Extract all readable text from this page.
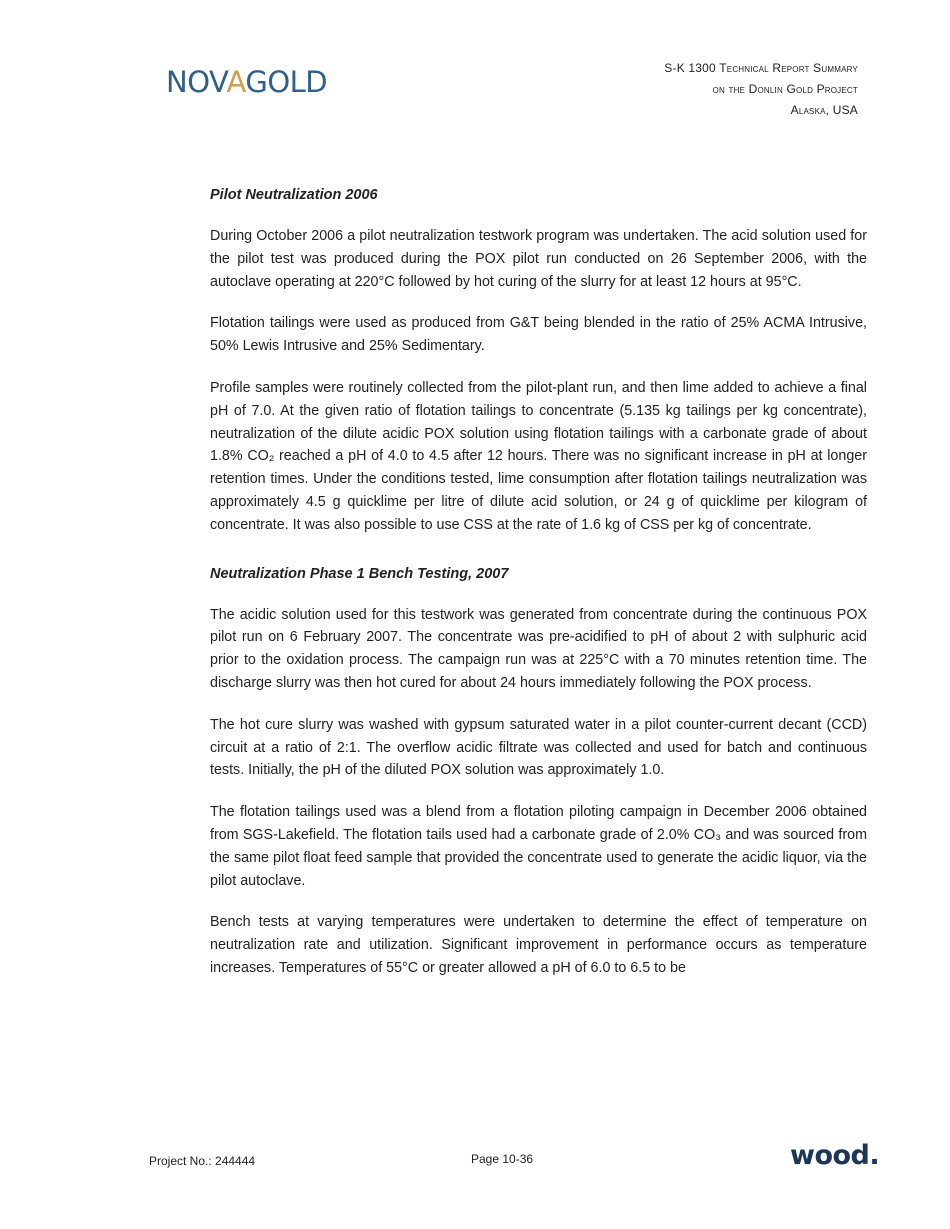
NOVAGOLD	S-K 1300 Technical Report Summary
on the Donlin Gold Project
Alaska, USA
Pilot Neutralization 2006

During October 2006 a pilot neutralization testwork program was undertaken. The acid solution used for the pilot test was produced during the POX pilot run conducted on 26 September 2006, with the autoclave operating at 220°C followed by hot curing of the slurry for at least 12 hours at 95°C.

Flotation tailings were used as produced from G&T being blended in the ratio of 25% ACMA Intrusive, 50% Lewis Intrusive and 25% Sedimentary.

Profile samples were routinely collected from the pilot-plant run, and then lime added to achieve a final pH of 7.0. At the given ratio of flotation tailings to concentrate (5.135 kg tailings per kg concentrate), neutralization of the dilute acidic POX solution using flotation tailings with a carbonate grade of about 1.8% CO₂ reached a pH of 4.0 to 4.5 after 12 hours. There was no significant increase in pH at longer retention times. Under the conditions tested, lime consumption after flotation tailings neutralization was approximately 4.5 g quicklime per litre of dilute acid solution, or 24 g of quicklime per kilogram of concentrate. It was also possible to use CSS at the rate of 1.6 kg of CSS per kg of concentrate.

Neutralization Phase 1 Bench Testing, 2007

The acidic solution used for this testwork was generated from concentrate during the continuous POX pilot run on 6 February 2007. The concentrate was pre-acidified to pH of about 2 with sulphuric acid prior to the oxidation process. The campaign run was at 225°C with a 70 minutes retention time. The discharge slurry was then hot cured for about 24 hours immediately following the POX process.

The hot cure slurry was washed with gypsum saturated water in a pilot counter-current decant (CCD) circuit at a ratio of 2:1. The overflow acidic filtrate was collected and used for batch and continuous tests. Initially, the pH of the diluted POX solution was approximately 1.0.

The flotation tailings used was a blend from a flotation piloting campaign in December 2006 obtained from SGS-Lakefield. The flotation tails used had a carbonate grade of 2.0% CO₃ and was sourced from the same pilot float feed sample that provided the concentrate used to generate the acidic liquor, via the pilot autoclave.

Bench tests at varying temperatures were undertaken to determine the effect of temperature on neutralization rate and utilization. Significant improvement in performance occurs as temperature increases. Temperatures of 55°C or greater allowed a pH of 6.0 to 6.5 to be

Project No.: 244444	Page 10-36	wood.
